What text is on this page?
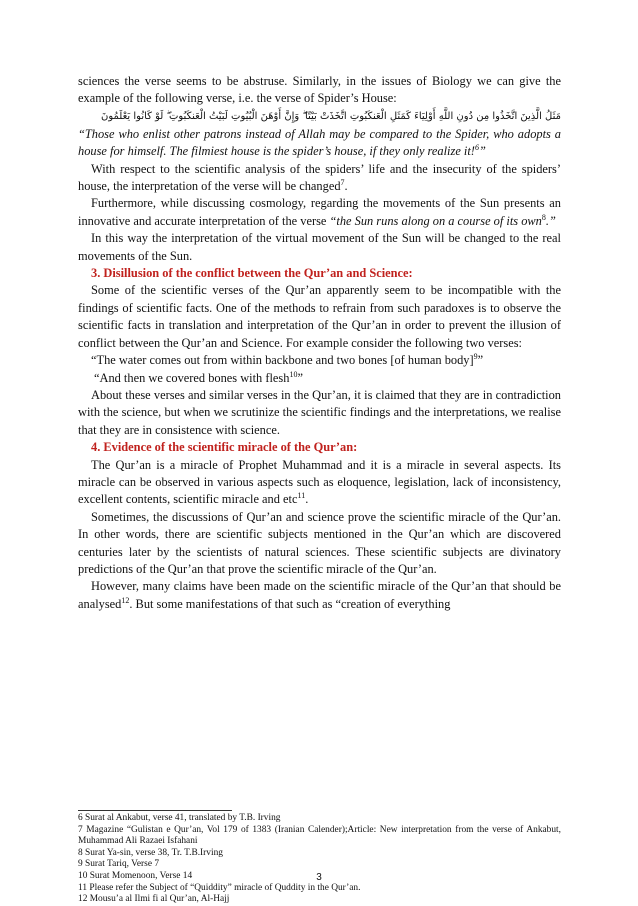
sciences the verse seems to be abstruse. Similarly, in the issues of Biology we can give the example of the following verse, i.e. the verse of Spider’s House:

مَثَلُ الَّذِينَ اتَّخَذُوا مِن دُونِ اللَّهِ أَوْلِيَاءَ كَمَثَلِ الْعَنكَبُوتِ اتَّخَذَتْ بَيْتًا ۖ وَإِنَّ أَوْهَنَ الْبُيُوتِ لَبَيْتُ الْعَنكَبُوتِ ۖ لَوْ كَانُوا يَعْلَمُونَ

“Those who enlist other patrons instead of Allah may be compared to the Spider, who adopts a house for himself. The filmiest house is the spider’s house, if they only realize it!$^6$”

With respect to the scientific analysis of the spiders’ life and the insecurity of the spiders’ house, the interpretation of the verse will be changed$^7$.

Furthermore, while discussing cosmology, regarding the movements of the Sun presents an innovative and accurate interpretation of the verse “the Sun runs along on a course of its own$^8$.”

In this way the interpretation of the virtual movement of the Sun will be changed to the real movements of the Sun.

3. Disillusion of the conflict between the Qur’an and Science:

Some of the scientific verses of the Qur’an apparently seem to be incompatible with the findings of scientific facts. One of the methods to refrain from such paradoxes is to observe the scientific facts in translation and interpretation of the Qur’an in order to prevent the illusion of conflict between the Qur’an and Science. For example consider the following two verses:

“The water comes out from within backbone and two bones [of human body]$^9$”

“And then we covered bones with flesh$^{10}$”

About these verses and similar verses in the Qur’an, it is claimed that they are in contradiction with the science, but when we scrutinize the scientific findings and the interpretations, we realise that they are in consistence with science.

4. Evidence of the scientific miracle of the Qur’an:

The Qur’an is a miracle of Prophet Muhammad and it is a miracle in several aspects. Its miracle can be observed in various aspects such as eloquence, legislation, lack of inconsistency, excellent contents, scientific miracle and etc$^{11}$.

Sometimes, the discussions of Qur’an and science prove the scientific miracle of the Qur’an. In other words, there are scientific subjects mentioned in the Qur’an which are discovered centuries later by the scientists of natural sciences. These scientific subjects are divinatory predictions of the Qur’an that prove the scientific miracle of the Qur’an.

However, many claims have been made on the scientific miracle of the Qur’an that should be analysed$^{12}$. But some manifestations of that such as “creation of everything

6 Surat al Ankabut, verse 41, translated by T.B. Irving

7 Magazine “Gulistan e Qur’an, Vol 179 of 1383 (Iranian Calender);Article: New interpretation from the verse of Ankabut, Muhammad Ali Razaei Isfahani

8 Surat Ya-sin, verse 38, Tr. T.B.Irving

9 Surat Tariq, Verse 7

10 Surat Momenoon, Verse 14

11 Please refer the Subject of “Quiddity” miracle of Quddity in the Qur’an.

12 Mousu’a al Ilmi fi al Qur’an, Al-Hajj

3
